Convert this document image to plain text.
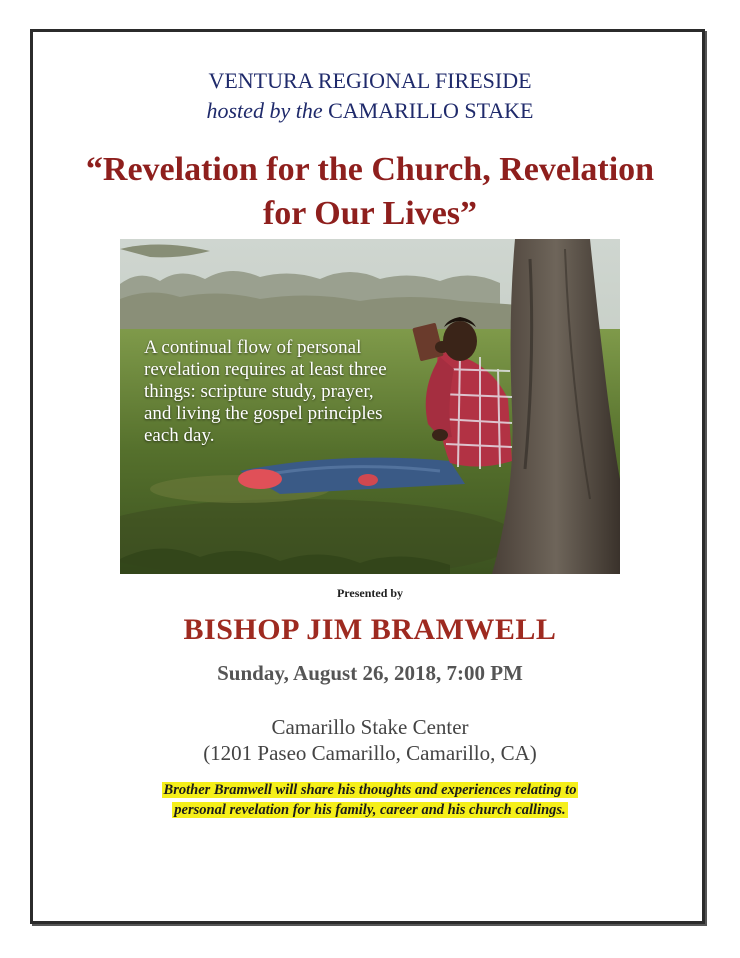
VENTURA REGIONAL FIRESIDE
hosted by the CAMARILLO STAKE
“Revelation for the Church, Revelation
for Our Lives”
A continual flow of personal
revelation requires at least three
things: scripture study, prayer,
and living the gospel principles
each day.
Presented by
BISHOP JIM BRAMWELL
Sunday, August 26, 2018, 7:00 PM
Camarillo Stake Center
(1201 Paseo Camarillo, Camarillo, CA)
Brother Bramwell will share his thoughts and experiences relating to
personal revelation for his family, career and his church callings.
